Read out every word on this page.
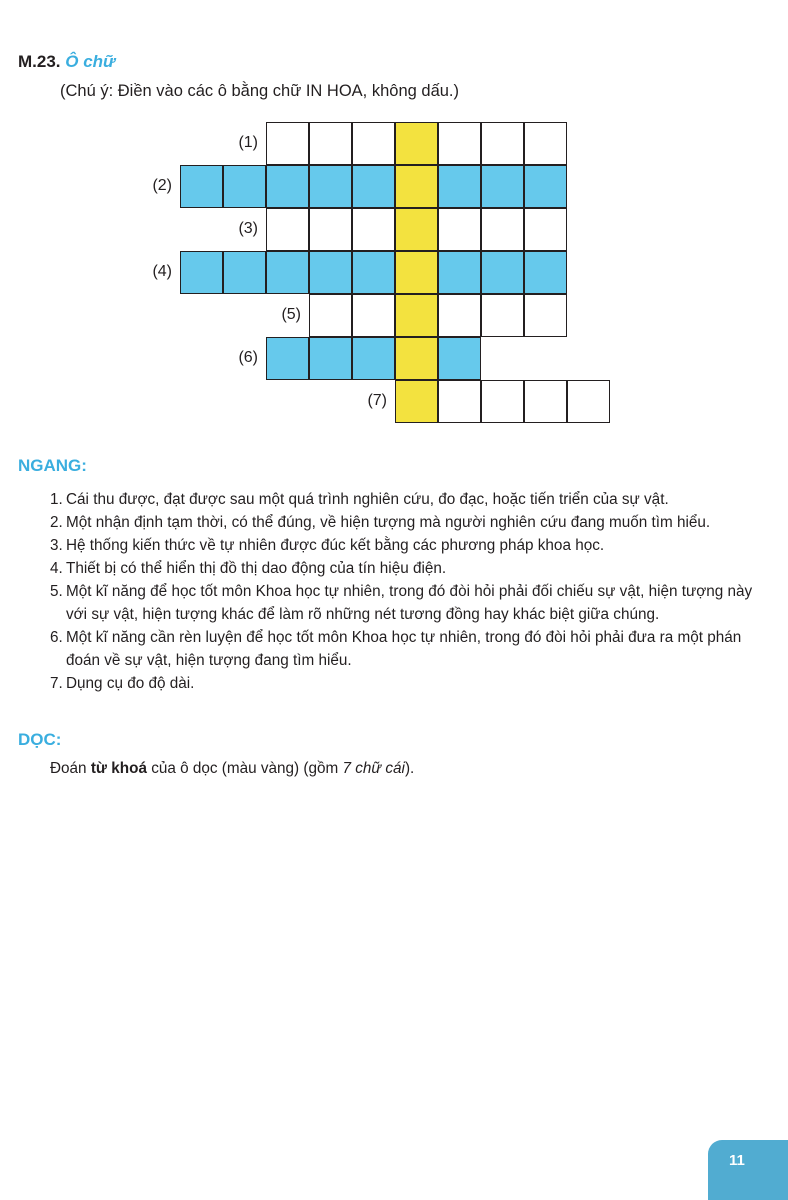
M.23. Ô chữ
(Chú ý: Điền vào các ô bằng chữ IN HOA, không dấu.)
(1)
(2)
(3)
(4)
(5)
(6)
(7)
NGANG:
1. Cái thu được, đạt được sau một quá trình nghiên cứu, đo đạc, hoặc tiến triển của sự vật.
2. Một nhận định tạm thời, có thể đúng, về hiện tượng mà người nghiên cứu đang muốn tìm hiểu.
3. Hệ thống kiến thức về tự nhiên được đúc kết bằng các phương pháp khoa học.
4. Thiết bị có thể hiển thị đồ thị dao động của tín hiệu điện.
5. Một kĩ năng để học tốt môn Khoa học tự nhiên, trong đó đòi hỏi phải đối chiếu sự vật, hiện tượng này với sự vật, hiện tượng khác để làm rõ những nét tương đồng hay khác biệt giữa chúng.
6. Một kĩ năng cần rèn luyện để học tốt môn Khoa học tự nhiên, trong đó đòi hỏi phải đưa ra một phán đoán về sự vật, hiện tượng đang tìm hiểu.
7. Dụng cụ đo độ dài.
DỌC:
Đoán từ khoá của ô dọc (màu vàng) (gồm 7 chữ cái).
11
